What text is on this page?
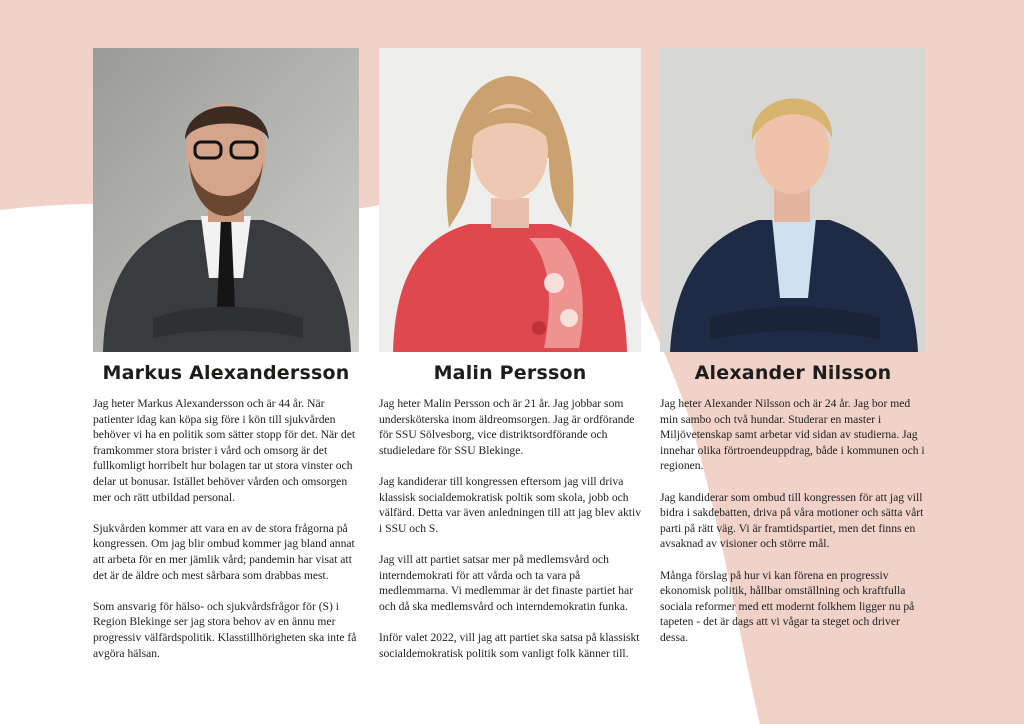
Markus Alexandersson

Jag heter Markus Alexandersson och är 44 år. När patienter idag kan köpa sig före i kön till sjukvården behöver vi ha en politik som sätter stopp för det. När det framkommer stora brister i vård och omsorg är det fullkomligt horribelt hur bolagen tar ut stora vinster och delar ut bonusar. Istället behöver vården och omsorgen mer och rätt utbildad personal.

Sjukvården kommer att vara en av de stora frågorna på kongressen. Om jag blir ombud kommer jag bland annat att arbeta för en mer jämlik vård; pandemin har visat att det är de äldre och mest sårbara som drabbas mest.

Som ansvarig för hälso- och sjukvårdsfrågor för (S) i Region Blekinge ser jag stora behov av en ännu mer progressiv välfärdspolitik. Klasstillhörigheten ska inte få avgöra hälsan.

Malin Persson

Jag heter Malin Persson och är 21 år. Jag jobbar som undersköterska inom äldreomsorgen. Jag är ordförande för SSU Sölvesborg, vice distriktsordförande och studieledare för SSU Blekinge.

Jag kandiderar till kongressen eftersom jag vill driva klassisk socialdemokratisk poltik som skola, jobb och välfärd. Detta var även anledningen till att jag blev aktiv i SSU och S.

Jag vill att partiet satsar mer på medlemsvård och interndemokrati för att vårda och ta vara på medlemmarna. Vi medlemmar är det finaste partiet har och då ska medlemsvård och interndemokratin funka.

Inför valet 2022, vill jag att partiet ska satsa på klassiskt socialdemokratisk politik som vanligt folk känner till.

Alexander Nilsson

Jag heter Alexander Nilsson och är 24 år. Jag bor med min sambo och två hundar. Studerar en master i Miljövetenskap samt arbetar vid sidan av studierna. Jag innehar olika förtroendeuppdrag, både i kommunen och i regionen.

Jag kandiderar som ombud till kongressen för att jag vill bidra i sakdebatten, driva på våra motioner och sätta vårt parti på rätt väg. Vi är framtidspartiet, men det finns en avsaknad av visioner och större mål.

Många förslag på hur vi kan förena en progressiv ekonomisk politik, hållbar omställning och kraftfulla sociala reformer med ett modernt folkhem ligger nu på tapeten - det är dags att vi vågar ta steget och driver dessa.
